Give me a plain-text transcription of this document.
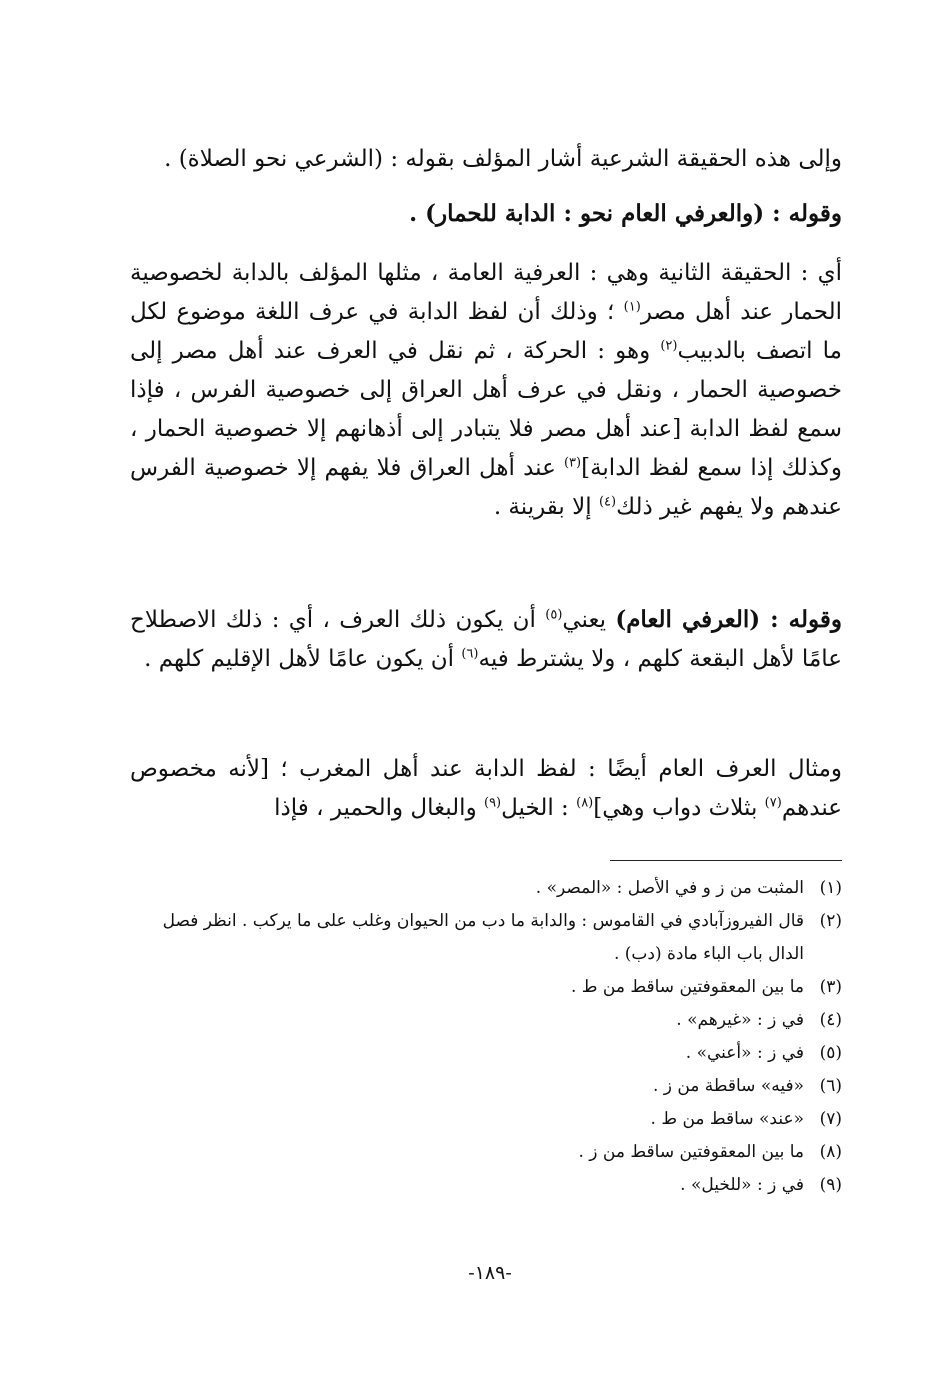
وإلى هذه الحقيقة الشرعية أشار المؤلف بقوله : (الشرعي نحو الصلاة) .

وقوله : (والعرفي العام نحو : الدابة للحمار) .

أي : الحقيقة الثانية وهي : العرفية العامة ، مثلها المؤلف بالدابة لخصوصية الحمار عند أهل مصر$^{(١)}$ ؛ وذلك أن لفظ الدابة في عرف اللغة موضوع لكل ما اتصف بالدبيب$^{(٢)}$ وهو : الحركة ، ثم نقل في العرف عند أهل مصر إلى خصوصية الحمار ، ونقل في عرف أهل العراق إلى خصوصية الفرس ، فإذا سمع لفظ الدابة [عند أهل مصر فلا يتبادر إلى أذهانهم إلا خصوصية الحمار ، وكذلك إذا سمع لفظ الدابة]$^{(٣)}$ عند أهل العراق فلا يفهم إلا خصوصية الفرس عندهم ولا يفهم غير ذلك$^{(٤)}$ إلا بقرينة .

وقوله : (العرفي العام) يعني$^{(٥)}$ أن يكون ذلك العرف ، أي : ذلك الاصطلاح عامًا لأهل البقعة كلهم ، ولا يشترط فيه$^{(٦)}$ أن يكون عامًا لأهل الإقليم كلهم .

ومثال العرف العام أيضًا : لفظ الدابة عند أهل المغرب ؛ [لأنه مخصوص عندهم$^{(٧)}$ بثلاث دواب وهي]$^{(٨)}$ : الخيل$^{(٩)}$ والبغال والحمير ، فإذا

(١)
المثبت من ز و في الأصل : «المصر» .
(٢)
قال الفيروزآبادي في القاموس : والدابة ما دب من الحيوان وغلب على ما يركب . انظر فصل الدال باب الباء مادة (دب) .
(٣)
ما بين المعقوفتين ساقط من ط .
(٤)
في ز : «غيرهم» .
(٥)
في ز : «أعني» .
(٦)
«فيه» ساقطة من ز .
(٧)
«عند» ساقط من ط .
(٨)
ما بين المعقوفتين ساقط من ز .
(٩)
في ز : «للخيل» .
-١٨٩-
